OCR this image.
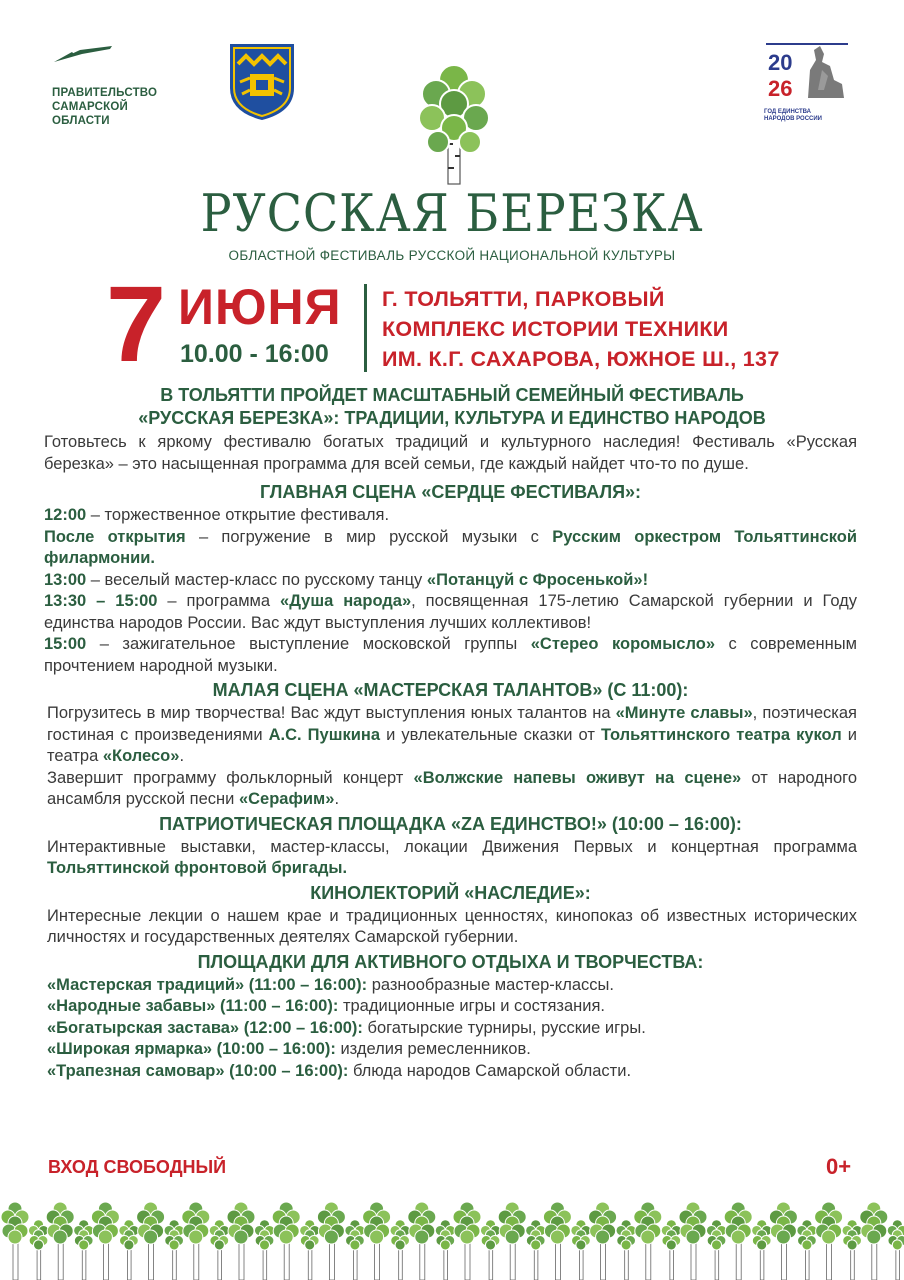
ПРАВИТЕЛЬСТВО
САМАРСКОЙ
ОБЛАСТИ
20
26
ГОД ЕДИНСТВА
НАРОДОВ РОССИИ
РУССКАЯ БЕРЕЗКА
ОБЛАСТНОЙ ФЕСТИВАЛЬ РУССКОЙ НАЦИОНАЛЬНОЙ КУЛЬТУРЫ
7 ИЮНЯ
10.00 - 16:00
Г. ТОЛЬЯТТИ, ПАРКОВЫЙ
КОМПЛЕКС ИСТОРИИ ТЕХНИКИ
ИМ. К.Г. САХАРОВА, ЮЖНОЕ Ш., 137
В ТОЛЬЯТТИ ПРОЙДЕТ МАСШТАБНЫЙ СЕМЕЙНЫЙ ФЕСТИВАЛЬ
«РУССКАЯ БЕРЕЗКА»: ТРАДИЦИИ, КУЛЬТУРА И ЕДИНСТВО НАРОДОВ

Готовьтесь к яркому фестивалю богатых традиций и культурного наследия! Фестиваль «Русская березка» – это насыщенная программа для всей семьи, где каждый найдет что-то по душе.

ГЛАВНАЯ СЦЕНА «СЕРДЦЕ ФЕСТИВАЛЯ»:

12:00 – торжественное открытие фестиваля.

После открытия – погружение в мир русской музыки с Русским оркестром Тольяттинской филармонии.

13:00 – веселый мастер-класс по русскому танцу «Потанцуй с Фросенькой»!

13:30 – 15:00 – программа «Душа народа», посвященная 175-летию Самарской губернии и Году единства народов России. Вас ждут выступления лучших коллективов!

15:00 – зажигательное выступление московской группы «Стерео коромысло» с современным прочтением народной музыки.

МАЛАЯ СЦЕНА «МАСТЕРСКАЯ ТАЛАНТОВ» (С 11:00):

Погрузитесь в мир творчества! Вас ждут выступления юных талантов на «Минуте славы», поэтическая гостиная с произведениями А.С. Пушкина и увлекательные сказки от Тольяттинского театра кукол и театра «Колесо».

Завершит программу фольклорный концерт «Волжские напевы оживут на сцене» от народного ансамбля русской песни «Серафим».

ПАТРИОТИЧЕСКАЯ ПЛОЩАДКА «ZА ЕДИНСТВО!» (10:00 – 16:00):

Интерактивные выставки, мастер-классы, локации Движения Первых и концертная программа Тольяттинской фронтовой бригады.

КИНОЛЕКТОРИЙ «НАСЛЕДИЕ»:

Интересные лекции о нашем крае и традиционных ценностях, кинопоказ об известных исторических личностях и государственных деятелях Самарской губернии.

ПЛОЩАДКИ ДЛЯ АКТИВНОГО ОТДЫХА И ТВОРЧЕСТВА:

«Мастерская традиций» (11:00 – 16:00): разнообразные мастер-классы.

«Народные забавы» (11:00 – 16:00): традиционные игры и состязания.

«Богатырская застава» (12:00 – 16:00): богатырские турниры, русские игры.

«Широкая ярмарка» (10:00 – 16:00): изделия ремесленников.

«Трапезная самовар» (10:00 – 16:00): блюда народов Самарской области.

ВХОД СВОБОДНЫЙ	0+
